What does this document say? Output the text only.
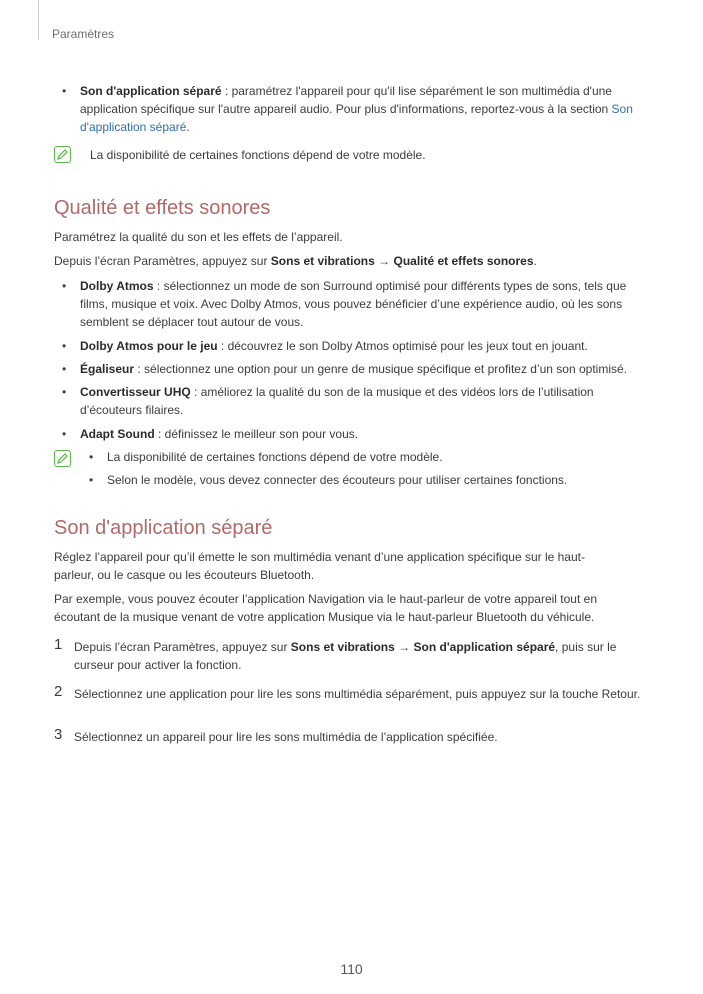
Paramètres
• Son d'application séparé : paramétrez l'appareil pour qu'il lise séparément le son multimédia d'une application spécifique sur l'autre appareil audio. Pour plus d'informations, reportez-vous à la section Son d'application séparé.
La disponibilité de certaines fonctions dépend de votre modèle.
Qualité et effets sonores
Paramétrez la qualité du son et les effets de l’appareil.
Depuis l’écran Paramètres, appuyez sur Sons et vibrations → Qualité et effets sonores.
• Dolby Atmos : sélectionnez un mode de son Surround optimisé pour différents types de sons, tels que films, musique et voix. Avec Dolby Atmos, vous pouvez bénéficier d’une expérience audio, où les sons semblent se déplacer tout autour de vous.
• Dolby Atmos pour le jeu : découvrez le son Dolby Atmos optimisé pour les jeux tout en jouant.
• Égaliseur : sélectionnez une option pour un genre de musique spécifique et profitez d’un son optimisé.
• Convertisseur UHQ : améliorez la qualité du son de la musique et des vidéos lors de l’utilisation d’écouteurs filaires.
• Adapt Sound : définissez le meilleur son pour vous.
• La disponibilité de certaines fonctions dépend de votre modèle.
• Selon le modèle, vous devez connecter des écouteurs pour utiliser certaines fonctions.
Son d'application séparé
Réglez l’appareil pour qu’il émette le son multimédia venant d’une application spécifique sur le haut-parleur, ou le casque ou les écouteurs Bluetooth.
Par exemple, vous pouvez écouter l’application Navigation via le haut-parleur de votre appareil tout en écoutant de la musique venant de votre application Musique via le haut-parleur Bluetooth du véhicule.
1 Depuis l’écran Paramètres, appuyez sur Sons et vibrations → Son d'application séparé, puis sur le curseur pour activer la fonction.
2 Sélectionnez une application pour lire les sons multimédia séparément, puis appuyez sur la touche Retour.
3 Sélectionnez un appareil pour lire les sons multimédia de l’application spécifiée.
110
